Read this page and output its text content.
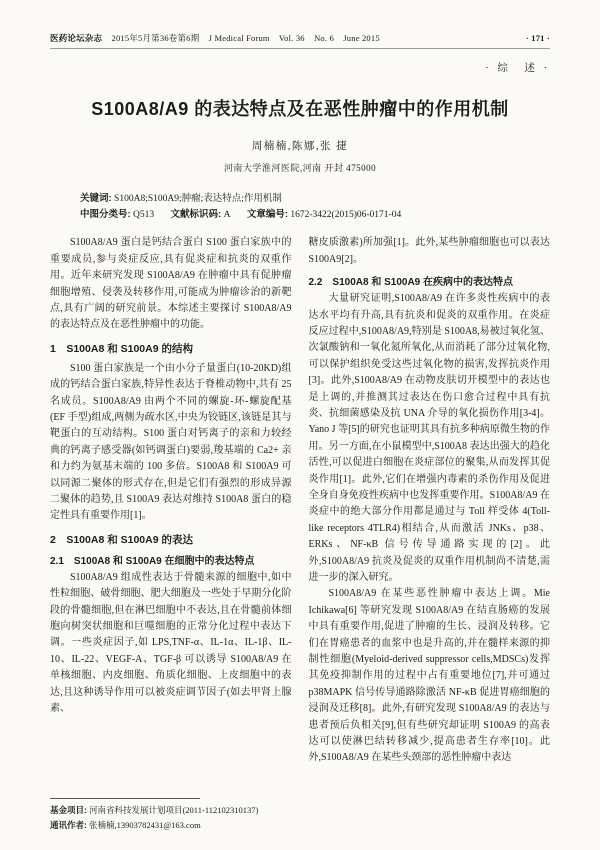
医药论坛杂志 2015年5月第36卷第6期 J Medical Forum Vol. 36 No. 6 June 2015	· 171 ·
· 综　述 ·
S100A8/A9 的表达特点及在恶性肿瘤中的作用机制
周楠楠,陈娜,张 捷
河南大学淮河医院,河南 开封 475000
关键词: S100A8;S100A9;肿瘤;表达特点;作用机制
中图分类号: Q513 文献标识码: A 文章编号: 1672-3422(2015)06-0171-04

S100A8/A9 蛋白是钙结合蛋白 S100 蛋白家族中的重要成员,参与炎症反应,具有促炎症和抗炎的双重作用。近年来研究发现 S100A8/A9 在肿瘤中具有促肿瘤细胞增殖、侵袭及转移作用,可能成为肿瘤诊治的新靶点,具有广阔的研究前景。本综述主要探讨 S100A8/A9 的表达特点及在恶性肿瘤中的功能。

1　S100A8 和 S100A9 的结构

S100 蛋白家族是一个由小分子量蛋白(10-20KD)组成的钙结合蛋白家族,特异性表达于脊椎动物中,共有 25 名成员。S100A8/A9 由两个不同的螺旋-环-螺旋配基(EF 手型)组成,两侧为疏水区,中央为铰链区,该链是其与靶蛋白的互动结构。S100 蛋白对钙离子的亲和力较经典的钙离子感受器(如钙调蛋白)要弱,羧基端的 Ca2+ 亲和力约为氨基末端的 100 多倍。S100A8 和 S100A9 可以同源二聚体的形式存在,但是它们有强烈的形成异源二聚体的趋势,且 S100A9 表达对维持 S100A8 蛋白的稳定性具有重要作用[1]。

2　S100A8 和 S100A9 的表达
2.1　S100A8 和 S100A9 在细胞中的表达特点

S100A8/A9 组成性表达于骨髓来源的细胞中,如中性粒细胞、破骨细胞、肥大细胞及一些处于早期分化阶段的骨髓细胞,但在淋巴细胞中不表达,且在骨髓前体细胞向树突状细胞和巨噬细胞的正常分化过程中表达下调。一些炎症因子,如 LPS,TNF-α、IL-1α、IL-1β、IL-10、IL-22、VEGF-A、TGF-β 可以诱导 S100A8/A9 在单核细胞、内皮细胞、角质化细胞、上皮细胞中的表达,且这种诱导作用可以被炎症调节因子(如去甲肾上腺素、

糖皮质激素)所加强[1]。此外,某些肿瘤细胞也可以表达 S100A9[2]。

2.2　S100A8 和 S100A9 在疾病中的表达特点

大量研究证明,S100A8/A9 在许多炎性疾病中的表达水平均有升高,具有抗炎和促炎的双重作用。在炎症反应过程中,S100A8/A9,特别是 S100A8,易被过氧化氢、次氯酸钠和一氧化氮所氧化,从而消耗了部分过氧化物,可以保护组织免受这些过氧化物的损害,发挥抗炎作用[3]。此外,S100A8/A9 在动物皮肤切开模型中的表达也是上调的,并推测其过表达在伤口愈合过程中具有抗炎、抗细菌感染及抗 UNA 介导的氧化损伤作用[3-4]。Yano J 等[5]的研究也证明其具有抗多种病原微生物的作用。另一方面,在小鼠模型中,S100A8 表达出强大的趋化活性,可以促进白细胞在炎症部位的聚集,从而发挥其促炎作用[1]。此外,它们在增强内毒素的杀伤作用及促进全身自身免疫性疾病中也发挥重要作用。S100A8/A9 在炎症中的绝大部分作用都是通过与 Toll 样受体 4(Toll-like receptors 4TLR4)相结合,从而激活 JNKs、p38、ERKs、NF-κB 信号传导通路实现的[2]。此外,S100A8/A9 抗炎及促炎的双重作用机制尚不清楚,需进一步的深入研究。

S100A8/A9 在某些恶性肿瘤中表达上调。Mie Ichikawa[6] 等研究发现 S100A8/A9 在结直肠癌的发展中具有重要作用,促进了肿瘤的生长、浸润及转移。它们在胃癌患者的血浆中也是升高的,并在髓样来源的抑制性细胞(Myeloid-derived suppressor cells,MDSCs)发挥其免疫抑制作用的过程中占有重要地位[7],并可通过 p38MAPK 信号传导通路除激活 NF-κB 促进胃癌细胞的浸润及迁移[8]。此外,有研究发现 S100A8/A9 的表达与患者预后负相关[9],但有些研究却证明 S100A9 的高表达可以使淋巴结转移减少,提高患者生存率[10]。此外,S100A8/A9 在某些头颈部的恶性肿瘤中表达

基金项目: 河南省科技发展计划项目(2011-112102310137)
通讯作者: 张楠楠,13903782431@163.com
